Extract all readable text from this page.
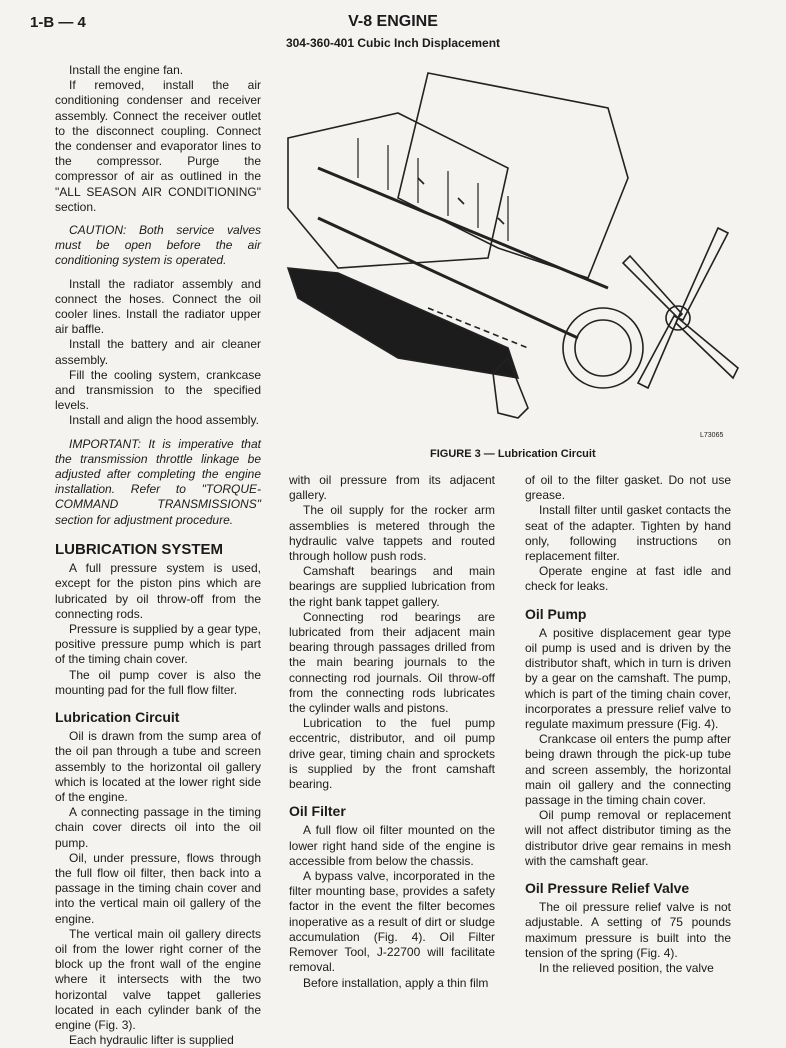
1-B — 4	V-8 ENGINE
304-360-401 Cubic Inch Displacement

Install the engine fan.

If removed, install the air conditioning condenser and receiver assembly. Connect the receiver outlet to the disconnect coupling. Connect the condenser and evaporator lines to the compressor. Purge the compressor of air as outlined in the "ALL SEASON AIR CONDITIONING" section.

CAUTION: Both service valves must be open before the air conditioning system is operated.

Install the radiator assembly and connect the hoses. Connect the oil cooler lines. Install the radiator upper air baffle.

Install the battery and air cleaner assembly.

Fill the cooling system, crankcase and transmission to the specified levels.

Install and align the hood assembly.

IMPORTANT: It is imperative that the transmission throttle linkage be adjusted after completing the engine installation. Refer to "TORQUE-COMMAND TRANSMISSIONS" section for adjustment procedure.

LUBRICATION SYSTEM

A full pressure system is used, except for the piston pins which are lubricated by oil throw-off from the connecting rods.

Pressure is supplied by a gear type, positive pressure pump which is part of the timing chain cover.

The oil pump cover is also the mounting pad for the full flow filter.

Lubrication Circuit

Oil is drawn from the sump area of the oil pan through a tube and screen assembly to the horizontal oil gallery which is located at the lower right side of the engine.

A connecting passage in the timing chain cover directs oil into the oil pump.

Oil, under pressure, flows through the full flow oil filter, then back into a passage in the timing chain cover and into the vertical main oil gallery of the engine.

The vertical main oil gallery directs oil from the lower right corner of the block up the front wall of the engine where it intersects with the two horizontal valve tappet galleries located in each cylinder bank of the engine (Fig. 3).

Each hydraulic lifter is supplied

L73065
FIGURE 3 — Lubrication Circuit

with oil pressure from its adjacent gallery.

The oil supply for the rocker arm assemblies is metered through the hydraulic valve tappets and routed through hollow push rods.

Camshaft bearings and main bearings are supplied lubrication from the right bank tappet gallery.

Connecting rod bearings are lubricated from their adjacent main bearing through passages drilled from the main bearing journals to the connecting rod journals. Oil throw-off from the connecting rods lubricates the cylinder walls and pistons.

Lubrication to the fuel pump eccentric, distributor, and oil pump drive gear, timing chain and sprockets is supplied by the front camshaft bearing.

Oil Filter

A full flow oil filter mounted on the lower right hand side of the engine is accessible from below the chassis.

A bypass valve, incorporated in the filter mounting base, provides a safety factor in the event the filter becomes inoperative as a result of dirt or sludge accumulation (Fig. 4). Oil Filter Remover Tool, J-22700 will facilitate removal.

Before installation, apply a thin film

of oil to the filter gasket. Do not use grease.

Install filter until gasket contacts the seat of the adapter. Tighten by hand only, following instructions on replacement filter.

Operate engine at fast idle and check for leaks.

Oil Pump

A positive displacement gear type oil pump is used and is driven by the distributor shaft, which in turn is driven by a gear on the camshaft. The pump, which is part of the timing chain cover, incorporates a pressure relief valve to regulate maximum pressure (Fig. 4).

Crankcase oil enters the pump after being drawn through the pick-up tube and screen assembly, the horizontal main oil gallery and the connecting passage in the timing chain cover.

Oil pump removal or replacement will not affect distributor timing as the distributor drive gear remains in mesh with the camshaft gear.

Oil Pressure Relief Valve

The oil pressure relief valve is not adjustable. A setting of 75 pounds maximum pressure is built into the tension of the spring (Fig. 4).

In the relieved position, the valve
